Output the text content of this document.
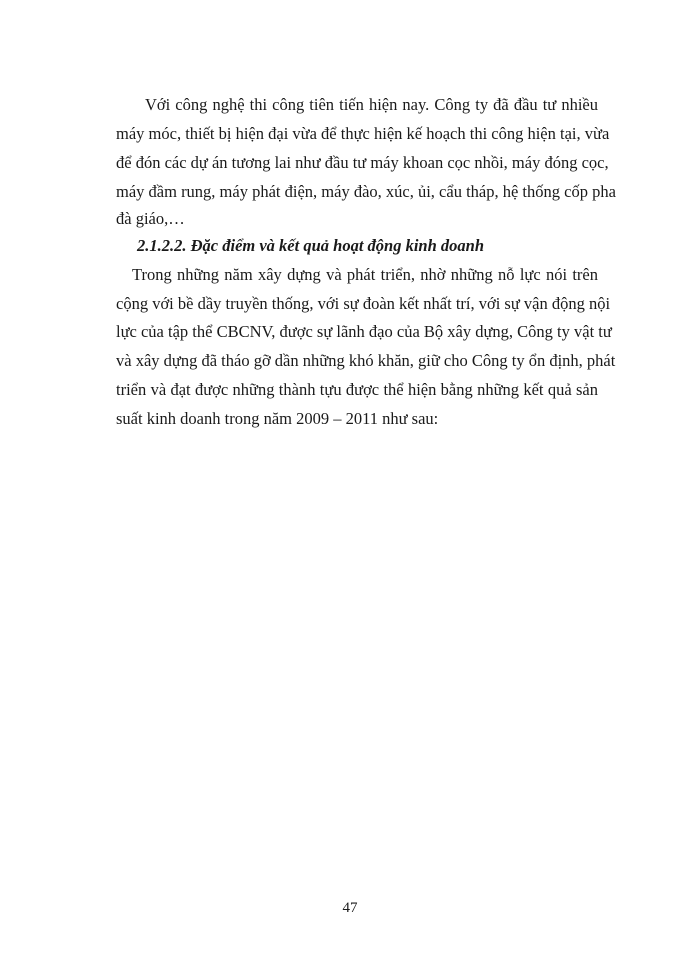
Với công nghệ thi công tiên tiến hiện nay. Công ty đã đầu tư nhiều
máy móc, thiết bị hiện đại vừa để thực hiện kế hoạch thi công hiện tại, vừa
để đón các dự án tương lai như đầu tư máy khoan cọc nhồi, máy đóng cọc,
máy đầm rung, máy phát điện, máy đào, xúc, ủi, cẩu tháp, hệ thống cốp pha
đà giáo,…
2.1.2.2. Đặc điểm và kết quả hoạt động kinh doanh
Trong những năm xây dựng và phát triển, nhờ những nỗ lực nói trên
cộng với bề dầy truyền thống, với sự đoàn kết nhất trí, với sự vận động nội
lực của tập thể CBCNV, được sự lãnh đạo của Bộ xây dựng, Công ty vật tư
và xây dựng đã tháo gỡ dần những khó khăn, giữ cho Công ty ổn định, phát
triển và đạt được những thành tựu được thể hiện bằng những kết quả sản
suất kinh doanh trong năm 2009 – 2011 như sau:
47
